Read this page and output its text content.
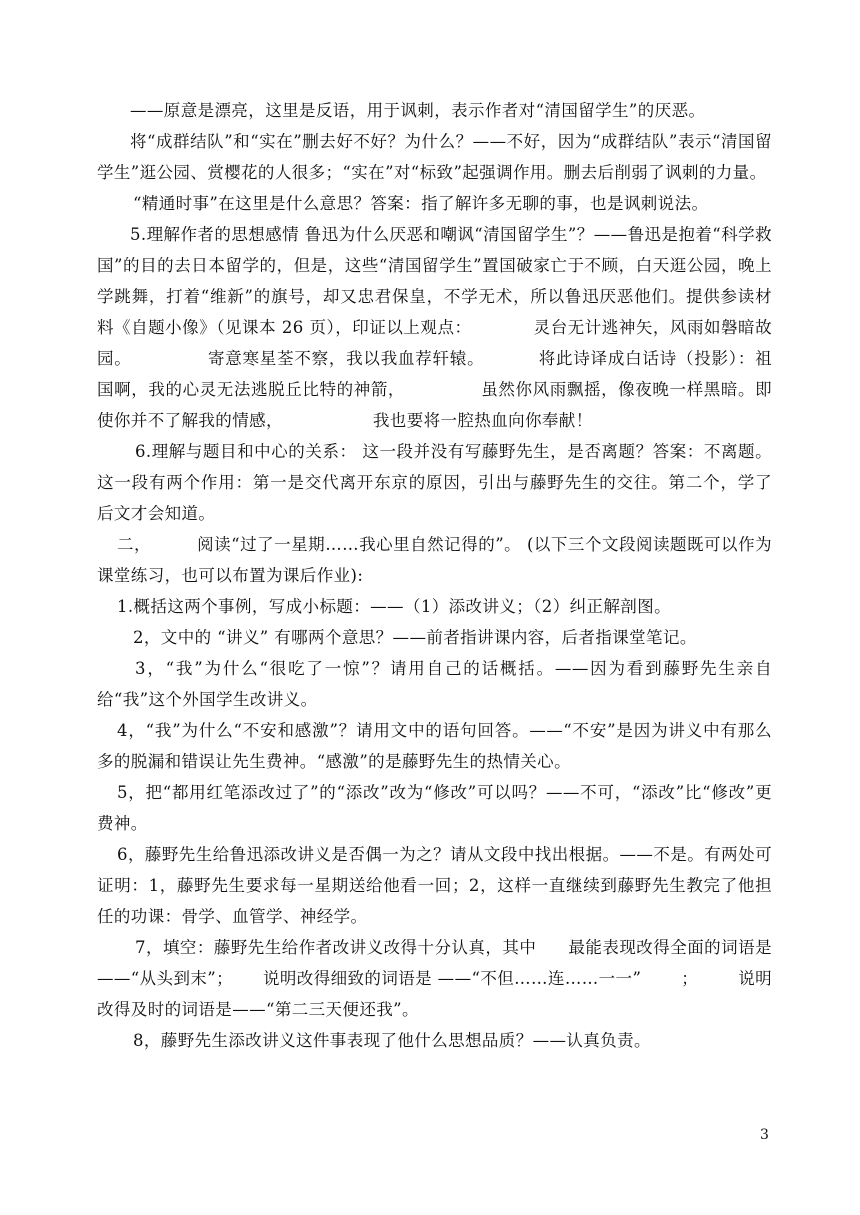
——原意是漂亮，这里是反语，用于讽刺，表示作者对“清国留学生”的厌恶。

将“成群结队”和“实在”删去好不好？为什么？——不好，因为“成群结队”表示“清国留学生”逛公园、赏樱花的人很多；“实在”对“标致”起强调作用。删去后削弱了讽刺的力量。

“精通时事”在这里是什么意思？答案：指了解许多无聊的事，也是讽刺说法。

5.理解作者的思想感情 鲁迅为什么厌恶和嘲讽“清国留学生”？——鲁迅是抱着“科学救国”的目的去日本留学的，但是，这些“清国留学生”置国破家亡于不顾，白天逛公园，晚上学跳舞，打着“维新”的旗号，却又忠君保皇，不学无术，所以鲁迅厌恶他们。提供参读材料《自题小像》（见课本 26 页），印证以上观点：	灵台无计逃神矢，风雨如磐暗故园。	寄意寒星荃不察，我以我血荐轩辕。	将此诗译成白话诗（投影）：祖国啊，我的心灵无法逃脱丘比特的神箭，	虽然你风雨飘摇，像夜晚一样黑暗。即使你并不了解我的情感，	我也要将一腔热血向你奉献！

6.理解与题目和中心的关系： 这一段并没有写藤野先生，是否离题？答案：不离题。这一段有两个作用：第一是交代离开东京的原因，引出与藤野先生的交往。第二个，学了后文才会知道。

二，	阅读“过了一星期……我心里自然记得的”。 (以下三个文段阅读题既可以作为课堂练习，也可以布置为课后作业):

1.概括这两个事例，写成小标题：——（1）添改讲义；（2）纠正解剖图。

2，文中的 “讲义” 有哪两个意思？——前者指讲课内容，后者指课堂笔记。

3，“我”为什么“很吃了一惊”？请用自己的话概括。——因为看到藤野先生亲自给“我”这个外国学生改讲义。

4，“我”为什么“不安和感激”？请用文中的语句回答。——“不安”是因为讲义中有那么多的脱漏和错误让先生费神。“感激”的是藤野先生的热情关心。

5，把“都用红笔添改过了”的“添改”改为“修改”可以吗？——不可，“添改”比“修改”更费神。

6，藤野先生给鲁迅添改讲义是否偶一为之？请从文段中找出根据。——不是。有两处可证明：1，藤野先生要求每一星期送给他看一回；2，这样一直继续到藤野先生教完了他担任的功课：骨学、血管学、神经学。

7，填空：藤野先生给作者改讲义改得十分认真，其中 最能表现改得全面的词语是——“从头到末”； 说明改得细致的词语是 ——“不但……连……一一” ； 说明改得及时的词语是——“第二三天便还我”。

8，藤野先生添改讲义这件事表现了他什么思想品质？——认真负责。

3
